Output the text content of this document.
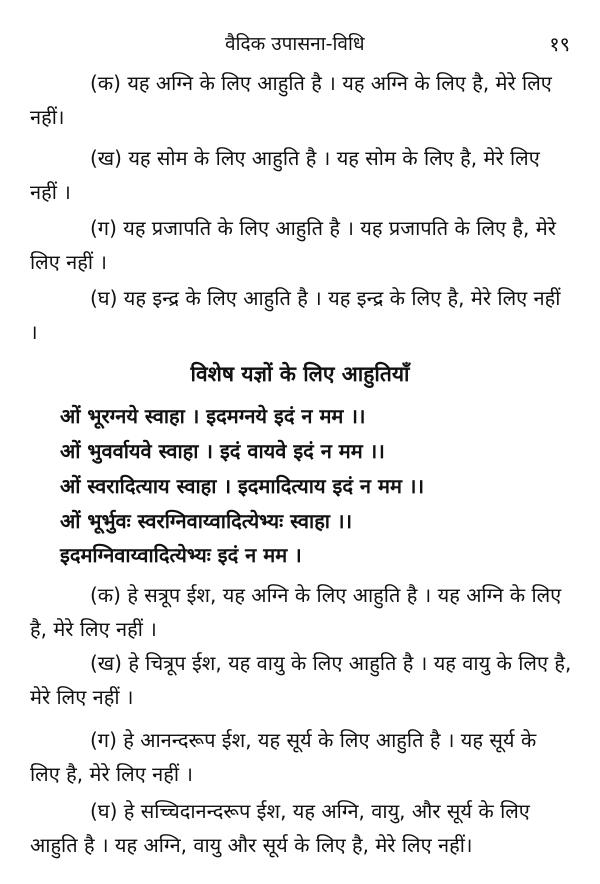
वैदिक उपासना-विधि	१९

(क) यह अग्नि के लिए आहुति है । यह अग्नि के लिए है, मेरे लिए नहीं।

(ख) यह सोम के लिए आहुति है । यह सोम के लिए है, मेरे लिए नहीं ।

(ग) यह प्रजापति के लिए आहुति है । यह प्रजापति के लिए है, मेरे लिए नहीं ।

(घ) यह इन्द्र के लिए आहुति है । यह इन्द्र के लिए है, मेरे लिए नहीं ।

विशेष यज्ञों के लिए आहुतियाँ
ओं भूरग्नये स्वाहा । इदमग्नये इदं न मम ।।
ओं भुवर्वायवे स्वाहा । इदं वायवे इदं न मम ।।
ओं स्वरादित्याय स्वाहा । इदमादित्याय इदं न मम ।।
ओं भूर्भुवः स्वरग्निवाय्वादित्येभ्यः स्वाहा ।।
इदमग्निवाय्वादित्येभ्यः इदं न मम ।

(क) हे सत्रूप ईश, यह अग्नि के लिए आहुति है । यह अग्नि के लिए है, मेरे लिए नहीं ।

(ख) हे चित्रूप ईश, यह वायु के लिए आहुति है । यह वायु के लिए है, मेरे लिए नहीं ।

(ग) हे आनन्दरूप ईश, यह सूर्य के लिए आहुति है । यह सूर्य के लिए है, मेरे लिए नहीं ।

(घ) हे सच्चिदानन्दरूप ईश, यह अग्नि, वायु, और सूर्य के लिए आहुति है । यह अग्नि, वायु और सूर्य के लिए है, मेरे लिए नहीं।
